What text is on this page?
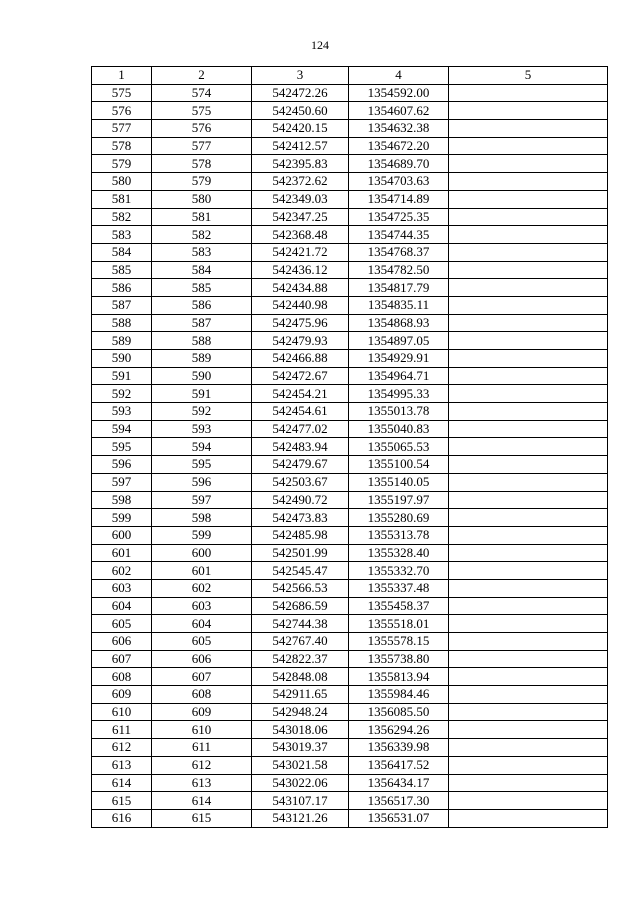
124
1	2	3	4	5
575	574	542472.26	1354592.00	
576	575	542450.60	1354607.62	
577	576	542420.15	1354632.38	
578	577	542412.57	1354672.20	
579	578	542395.83	1354689.70	
580	579	542372.62	1354703.63	
581	580	542349.03	1354714.89	
582	581	542347.25	1354725.35	
583	582	542368.48	1354744.35	
584	583	542421.72	1354768.37	
585	584	542436.12	1354782.50	
586	585	542434.88	1354817.79	
587	586	542440.98	1354835.11	
588	587	542475.96	1354868.93	
589	588	542479.93	1354897.05	
590	589	542466.88	1354929.91	
591	590	542472.67	1354964.71	
592	591	542454.21	1354995.33	
593	592	542454.61	1355013.78	
594	593	542477.02	1355040.83	
595	594	542483.94	1355065.53	
596	595	542479.67	1355100.54	
597	596	542503.67	1355140.05	
598	597	542490.72	1355197.97	
599	598	542473.83	1355280.69	
600	599	542485.98	1355313.78	
601	600	542501.99	1355328.40	
602	601	542545.47	1355332.70	
603	602	542566.53	1355337.48	
604	603	542686.59	1355458.37	
605	604	542744.38	1355518.01	
606	605	542767.40	1355578.15	
607	606	542822.37	1355738.80	
608	607	542848.08	1355813.94	
609	608	542911.65	1355984.46	
610	609	542948.24	1356085.50	
611	610	543018.06	1356294.26	
612	611	543019.37	1356339.98	
613	612	543021.58	1356417.52	
614	613	543022.06	1356434.17	
615	614	543107.17	1356517.30	
616	615	543121.26	1356531.07	
